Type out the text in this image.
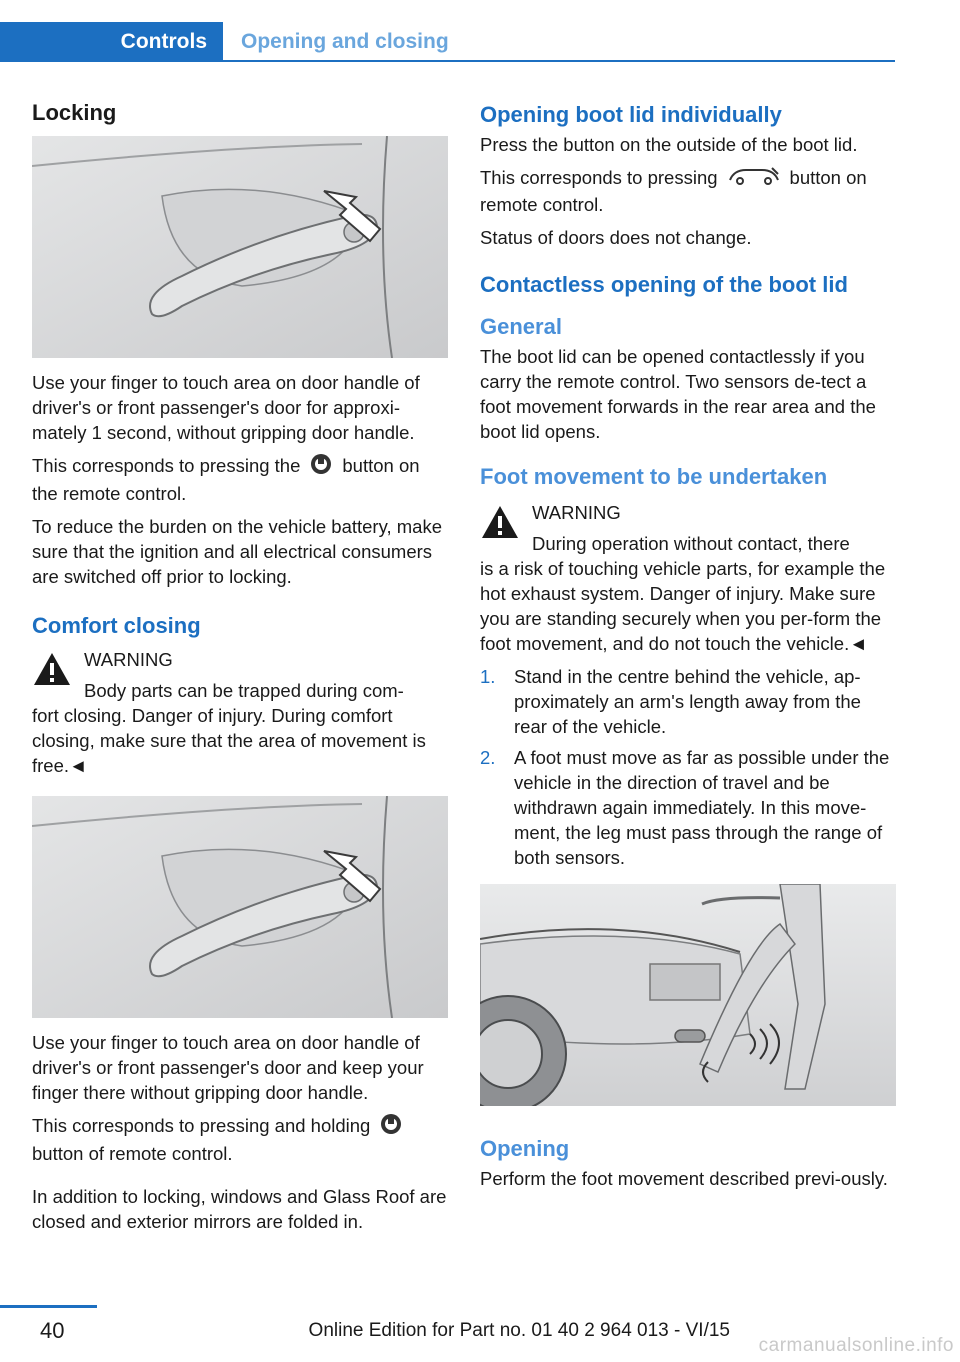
Controls	Opening and closing
Locking

Use your finger to touch area on door handle of driver's or front passenger's door for approxi-mately 1 second, without gripping door handle.

This corresponds to pressing the button on the remote control.

To reduce the burden on the vehicle battery, make sure that the ignition and all electrical consumers are switched off prior to locking.

Comfort closing
WARNING

Body parts can be trapped during com-

fort closing. Danger of injury. During comfort closing, make sure that the area of movement is free.◄

Use your finger to touch area on door handle of driver's or front passenger's door and keep your finger there without gripping door handle.

This corresponds to pressing and holding
button of remote control.

In addition to locking, windows and Glass Roof are closed and exterior mirrors are folded in.

Opening boot lid individually

Press the button on the outside of the boot lid.

This corresponds to pressing	button on remote control.

Status of doors does not change.

Contactless opening of the boot lid
General

The boot lid can be opened contactlessly if you carry the remote control. Two sensors de-tect a foot movement forwards in the rear area and the boot lid opens.

Foot movement to be undertaken
WARNING

During operation without contact, there

is a risk of touching vehicle parts, for example the hot exhaust system. Danger of injury. Make sure you are standing securely when you per-form the foot movement, and do not touch the vehicle.◄

1. Stand in the centre behind the vehicle, ap-proximately an arm's length away from the rear of the vehicle.
2. A foot must move as far as possible under the vehicle in the direction of travel and be withdrawn again immediately. In this move-ment, the leg must pass through the range of both sensors.
Opening

Perform the foot movement described previ-ously.

40	Online Edition for Part no. 01 40 2 964 013 - VI/15
carmanualsonline.info
